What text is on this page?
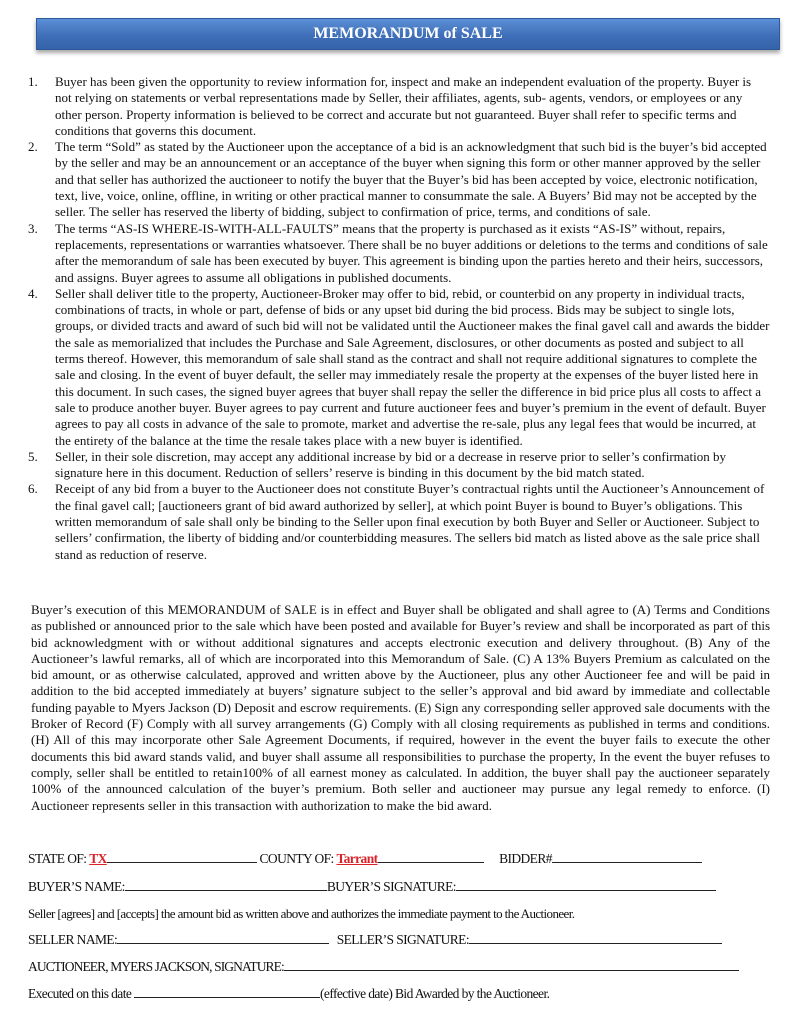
MEMORANDUM of SALE
1.	Buyer has been given the opportunity to review information for, inspect and make an independent evaluation of the property. Buyer is not relying on statements or verbal representations made by Seller, their affiliates, agents, sub- agents, vendors, or employees or any other person. Property information is believed to be correct and accurate but not guaranteed. Buyer shall refer to specific terms and conditions that governs this document.
2.	The term “Sold” as stated by the Auctioneer upon the acceptance of a bid is an acknowledgment that such bid is the buyer’s bid accepted by the seller and may be an announcement or an acceptance of the buyer when signing this form or other manner approved by the seller and that seller has authorized the auctioneer to notify the buyer that the Buyer’s bid has been accepted by voice, electronic notification, text, live, voice, online, offline, in writing or other practical manner to consummate the sale. A Buyers’ Bid may not be accepted by the seller. The seller has reserved the liberty of bidding, subject to confirmation of price, terms, and conditions of sale.
3.	The terms “AS-IS WHERE-IS-WITH-ALL-FAULTS” means that the property is purchased as it exists “AS-IS” without, repairs, replacements, representations or warranties whatsoever. There shall be no buyer additions or deletions to the terms and conditions of sale after the memorandum of sale has been executed by buyer. This agreement is binding upon the parties hereto and their heirs, successors, and assigns. Buyer agrees to assume all obligations in published documents.
4.	Seller shall deliver title to the property, Auctioneer-Broker may offer to bid, rebid, or counterbid on any property in individual tracts, combinations of tracts, in whole or part, defense of bids or any upset bid during the bid process. Bids may be subject to single lots, groups, or divided tracts and award of such bid will not be validated until the Auctioneer makes the final gavel call and awards the bidder the sale as memorialized that includes the Purchase and Sale Agreement, disclosures, or other documents as posted and subject to all terms thereof. However, this memorandum of sale shall stand as the contract and shall not require additional signatures to complete the sale and closing. In the event of buyer default, the seller may immediately resale the property at the expenses of the buyer listed here in this document. In such cases, the signed buyer agrees that buyer shall repay the seller the difference in bid price plus all costs to affect a sale to produce another buyer. Buyer agrees to pay current and future auctioneer fees and buyer’s premium in the event of default. Buyer agrees to pay all costs in advance of the sale to promote, market and advertise the re-sale, plus any legal fees that would be incurred, at the entirety of the balance at the time the resale takes place with a new buyer is identified.
5.	Seller, in their sole discretion, may accept any additional increase by bid or a decrease in reserve prior to seller’s confirmation by signature here in this document. Reduction of sellers’ reserve is binding in this document by the bid match stated.
6.	Receipt of any bid from a buyer to the Auctioneer does not constitute Buyer’s contractual rights until the Auctioneer’s Announcement of the final gavel call; [auctioneers grant of bid award authorized by seller], at which point Buyer is bound to Buyer’s obligations. This written memorandum of sale shall only be binding to the Seller upon final execution by both Buyer and Seller or Auctioneer. Subject to sellers’ confirmation, the liberty of bidding and/or counterbidding measures. The sellers bid match as listed above as the sale price shall stand as reduction of reserve.

Buyer’s execution of this MEMORANDUM of SALE is in effect and Buyer shall be obligated and shall agree to (A) Terms and Conditions as published or announced prior to the sale which have been posted and available for Buyer’s review and shall be incorporated as part of this bid acknowledgment with or without additional signatures and accepts electronic execution and delivery throughout. (B) Any of the Auctioneer’s lawful remarks, all of which are incorporated into this Memorandum of Sale. (C) A 13% Buyers Premium as calculated on the bid amount, or as otherwise calculated, approved and written above by the Auctioneer, plus any other Auctioneer fee and will be paid in addition to the bid accepted immediately at buyers’ signature subject to the seller’s approval and bid award by immediate and collectable funding payable to Myers Jackson (D) Deposit and escrow requirements. (E) Sign any corresponding seller approved sale documents with the Broker of Record (F) Comply with all survey arrangements (G) Comply with all closing requirements as published in terms and conditions. (H) All of this may incorporate other Sale Agreement Documents, if required, however in the event the buyer fails to execute the other documents this bid award stands valid, and buyer shall assume all responsibilities to purchase the property, In the event the buyer refuses to comply, seller shall be entitled to retain100% of all earnest money as calculated. In addition, the buyer shall pay the auctioneer separately 100% of the announced calculation of the buyer’s premium. Both seller and auctioneer may pursue any legal remedy to enforce. (I) Auctioneer represents seller in this transaction with authorization to make the bid award.

STATE OF: TX	COUNTY OF: Tarrant	BIDDER#
BUYER’S NAME:	BUYER’S SIGNATURE:
Seller [agrees] and [accepts] the amount bid as written above and authorizes the immediate payment to the Auctioneer.
SELLER NAME:	SELLER’S SIGNATURE:
AUCTIONEER, MYERS JACKSON, SIGNATURE:
Executed on this date	(effective date) Bid Awarded by the Auctioneer.
